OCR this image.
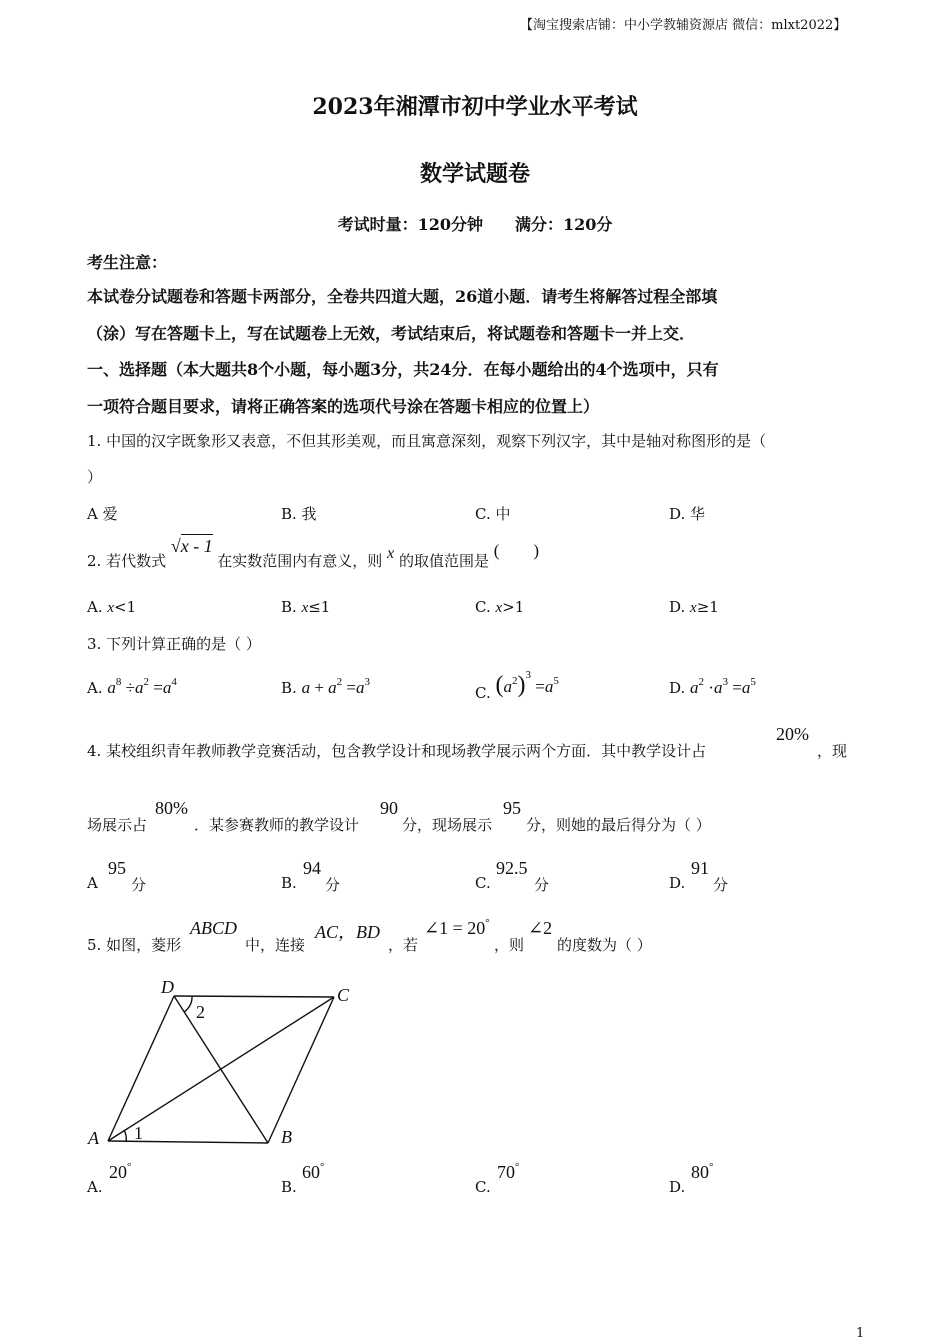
【淘宝搜索店铺：中小学教辅资源店 微信：mlxt2022】
2023年湘潭市初中学业水平考试
数学试题卷
考试时量：120分钟　　满分：120分
考生注意：
本试卷分试题卷和答题卡两部分，全卷共四道大题，26道小题．请考生将解答过程全部填
（涂）写在答题卡上，写在试题卷上无效，考试结束后，将试题卷和答题卡一并上交．
一、选择题（本大题共8个小题，每小题3分，共24分．在每小题给出的4个选项中，只有
一项符合题目要求，请将正确答案的选项代号涂在答题卡相应的位置上）
1. 中国的汉字既象形又表意，不但其形美观，而且寓意深刻，观察下列汉字，其中是轴对称图形的是（
）
A 爱	B. 我	C. 中	D. 华
2. 若代数式 √x - 1 在实数范围内有意义，则 x 的取值范围是 (        )
A. x<1	B. x≤1	C. x>1	D. x≥1
3. 下列计算正确的是（ ）
A. $a^8 \div a^2 =a^4$	B. $a + a^2 =a^3$
C. $(a^2)^3 =a^5$	D. $a^2 \cdot a^3 =a^5$
4. 某校组织青年教师教学竞赛活动，包含教学设计和现场教学展示两个方面．其中教学设计占
20%
，现
场展示占
80%
．某参赛教师的教学设计
90
分，现场展示
95
分，则她的最后得分为（ ）
A
95
分	B.
94
分	C.
92.5
分	D.
91
分
5. 如图，菱形
ABCD
中，连接
AC，BD
，若
∠1 = 20°
，则
∠2
的度数为（ ）
A	B
C
D
1
2
A.
20°
B.
60°
C.
70°
D.
80°
1
